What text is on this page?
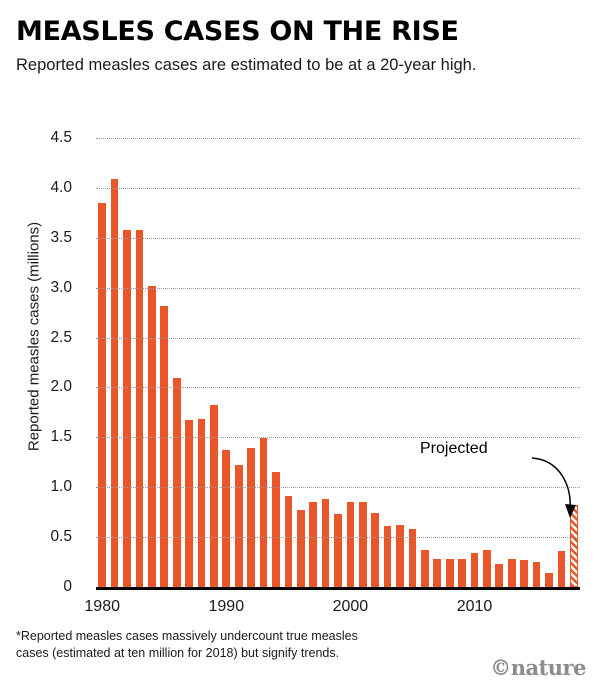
MEASLES CASES ON THE RISE
Reported measles cases are estimated to be at a 20-year high.
Reported measles cases (millions)
0
0.5
1.0
1.5
2.0
2.5
3.0
3.5
4.0
4.5
1980	1990	2000	2010
Projected
*Reported measles cases massively undercount true measles cases (estimated at ten million for 2018) but signify trends.
©nature
